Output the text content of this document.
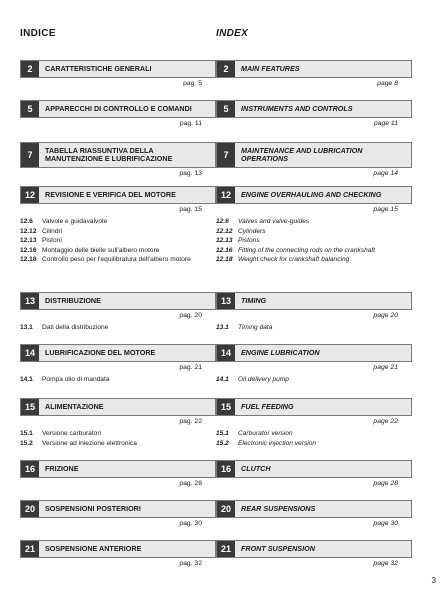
INDICE
2	CARATTERISTICHE GENERALI
pag. 5
5	APPARECCHI DI CONTROLLO E COMANDI
pag. 11
7	TABELLA RIASSUNTIVA DELLA MANUTENZIONE E LUBRIFICAZIONE
pag. 13
12	REVISIONE E VERIFICA DEL MOTORE
pag. 15
12.6	Valvole e guidavalvole
12.12 Cilindri
12.13 Pistoni
12.16 Montaggio delle bielle sull'albero motore
12.18 Controllo peso per l'equilibratura dell'albero motore
13	DISTRIBUZIONE
pag. 20
13.1	Dati della distribuzione
14	LUBRIFICAZIONE DEL MOTORE
pag. 21
14.1	Pompa olio di mandata
15	ALIMENTAZIONE
pag. 22
15.1	Versione carburatori
15.2	Versione ad iniezione elettronica
16	FRIZIONE
pag. 28
20	SOSPENSIONI POSTERIORI
pag. 30
21	SOSPENSIONE ANTERIORE
pag. 32
INDEX
2	MAIN FEATURES
page 8
5	INSTRUMENTS AND CONTROLS
page 11
7	MAINTENANCE AND LUBRICATION OPERATIONS
page 14
12	ENGINE OVERHAULING AND CHECKING
page 15
12.6	Valves and valve-guides
12.12 Cylinders
12.13 Pistons
12.16 Fitting of the connecting rods on the crankshaft
12.18 Weight check for crankshaft balancing
13	TIMING
page 20
13.1	Timing data
14	ENGINE LUBRICATION
page 21
14.1	Oil delivery pump
15	FUEL FEEDING
page 22
15.1	Carburator version
15.2	Electronic injection version
16	CLUTCH
page 28
20	REAR SUSPENSIONS
page 30
21	FRONT SUSPENSION
page 32
3
